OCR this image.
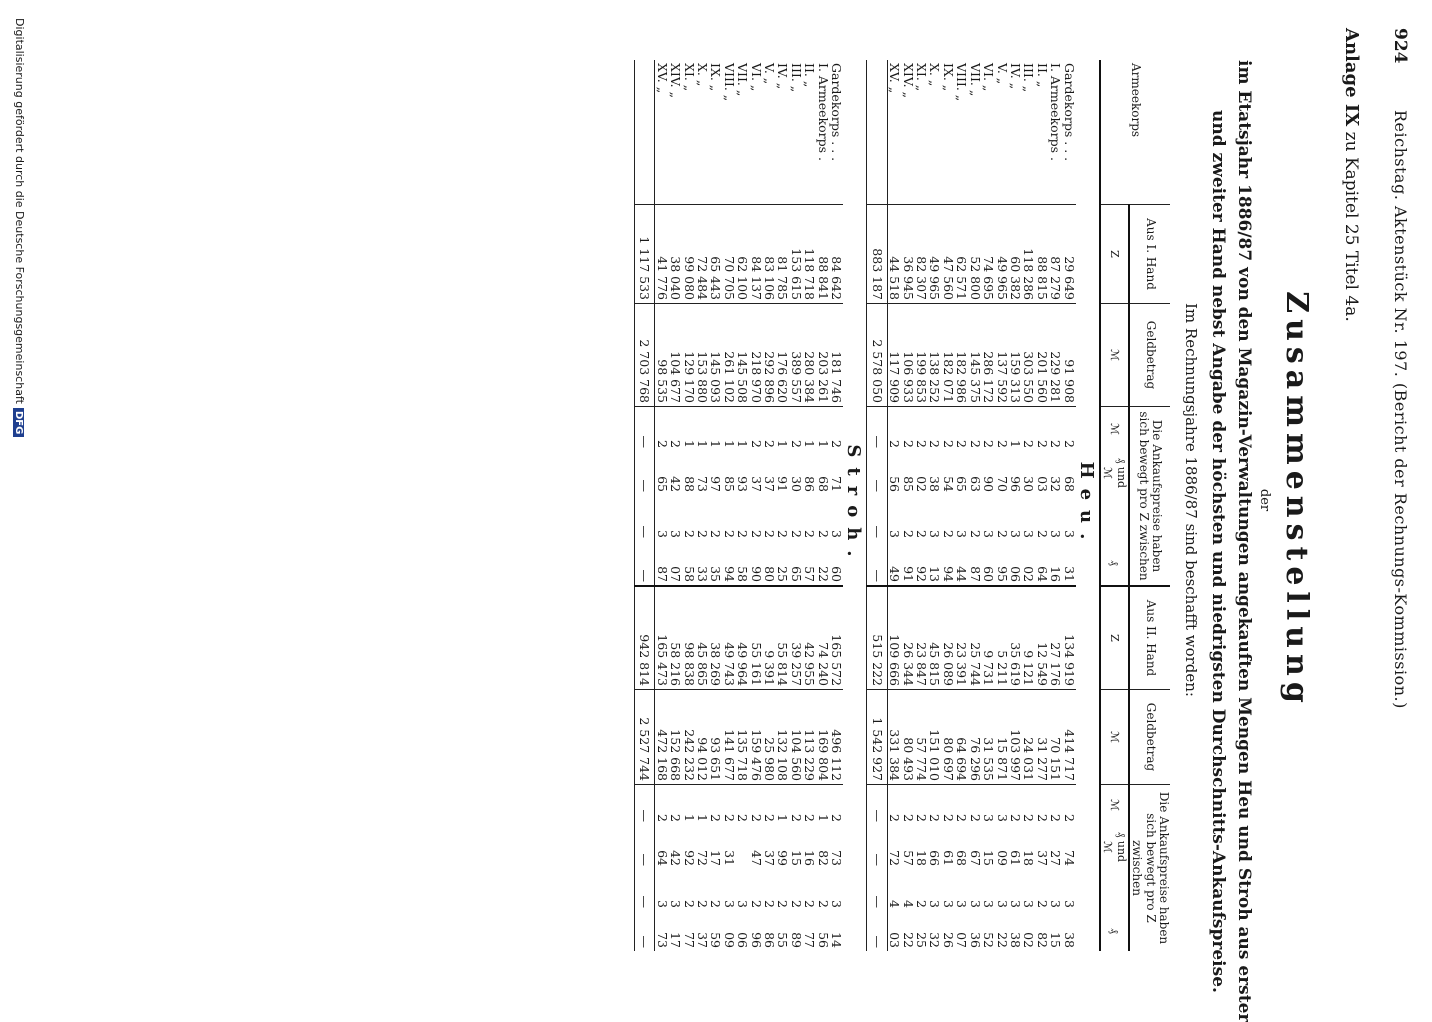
924
Reichstag. Aktenstück Nr. 197. (Bericht der Rechnungs-Kommission.)
Anlage IX zu Kapitel 25 Titel 4a.
Zusammenstellung
der
im Etatsjahr 1886/87 von den Magazin-Verwaltungen angekauften Mengen Heu und Stroh aus erster
und zweiter Hand nebst Angabe der höchsten und niedrigsten Durchschnitts-Ankaufspreise.
Im Rechnungsjahre 1886/87 sind beschafft worden:
Armeekorps	Aus I. Hand	Geldbetrag	Die Ankaufspreise haben sich bewegt pro Z zwischen				Aus II. Hand	Geldbetrag	Die Ankaufspreise haben sich bewegt pro Z zwischen			
	Z	ℳ	ℳ	₰ und ℳ		₰	Z	ℳ	ℳ	₰ und ℳ		₰
Heu.												
Gardekorps . . .	29 649	91 908	2	68	3	31	134 919	414 717	2	74	3	38
I. Armeekorps .	87 279	229 281	2	32	3	16	27 176	70 151	2	27	3	15
II. „	88 815	201 560	2	03	2	64	12 549	31 277	2	37	2	82
III. „	118 286	303 550	2	30	3	02	9 121	24 031	2	18	3	02
IV. „	60 382	159 313	1	96	3	06	35 619	103 997	2	61	3	38
V. „	49 965	137 592	2	70	2	95	5 211	15 871	3	09	3	22
VI. „	74 695	286 172	2	90	3	60	9 731	31 535	3	15	3	52
VII. „	52 800	145 375	2	63	2	87	25 744	76 296	2	67	3	36
VIII. „	62 571	182 986	2	65	3	44	23 391	64 694	2	68	3	07
IX. „	47 560	182 071	2	54	2	94	26 089	80 697	2	61	3	26
X. „	49 965	138 252	2	38	3	13	45 815	151 010	2	66	3	32
XI. „	82 307	199 853	2	02	2	92	23 847	57 774	2	18	2	25
XIV. „	36 945	106 933	2	85	2	91	26 344	80 493	2	57	4	22
XV. „	44 518	117 909	2	56	3	49	109 666	331 384	2	72	4	03
	883 187	2 578 050	—	—	—	—	515 222	1 542 927	—	—	—	—
Stroh.												
Gardekorps . . .	84 642	181 746	2	71	3	60	165 572	496 112	2	73	3	14
I. Armeekorps .	88 841	203 261	1	68	2	22	74 240	169 804	1	82	2	56
II. „	118 718	280 384	1	86	2	57	42 955	113 229	2	16	2	77
III. „	153 615	389 557	2	30	2	65	39 257	104 560	2	15	2	89
IV. „	81 785	176 620	1	91	2	25	55 814	132 108	1	99	2	55
V. „	83 106	292 896	2	37	2	80	9 391	25 980	2	37	2	86
VI. „	84 137	218 970	2	37	2	90	55 161	159 476	2	47	2	96
VII. „	62 100	145 508	1	93	2	58	49 964	135 718	2		3	06
VIII. „	70 705	261 102	1	85	2	94	49 743	141 677	2	31	3	09
IX. „	65 443	145 093	1	97	2	35	38 269	93 651	2	17	2	59
X. „	72 484	153 880	1	73	2	33	45 865	94 012	1	72	2	37
XI. „	99 080	129 170	1	88	2	58	98 838	242 232	1	92	2	77
XIV. „	38 040	104 677	2	42	3	07	58 216	152 668	2	42	3	17
XV. „	41 776	98 535	2	65	3	87	165 473	472 168	2	64	3	73
	1 117 533	2 703 768	—	—	—	—	942 814	2 527 744	—	—	—	—
Digitalisierung gefördert durch die Deutsche ForschungsgemeinschaftDFG
